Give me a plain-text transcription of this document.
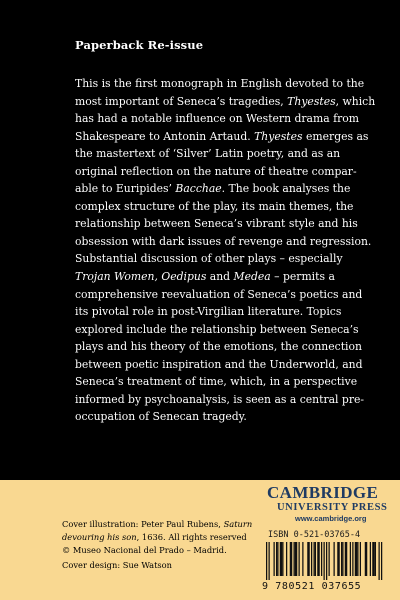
Paperback Re-issue
This is the first monograph in English devoted to the
most important of Seneca’s tragedies, Thyestes, which
has had a notable influence on Western drama from
Shakespeare to Antonin Artaud. Thyestes emerges as
the mastertext of ‘Silver’ Latin poetry, and as an
original reflection on the nature of theatre compar-
able to Euripides’ Bacchae. The book analyses the
complex structure of the play, its main themes, the
relationship between Seneca’s vibrant style and his
obsession with dark issues of revenge and regression.
Substantial discussion of other plays – especially
Trojan Women, Oedipus and Medea – permits a
comprehensive reevaluation of Seneca’s poetics and
its pivotal role in post-Virgilian literature. Topics
explored include the relationship between Seneca’s
plays and his theory of the emotions, the connection
between poetic inspiration and the Underworld, and
Seneca’s treatment of time, which, in a perspective
informed by psychoanalysis, is seen as a central pre-
occupation of Senecan tragedy.
Cover illustration: Peter Paul Rubens, Saturn
devouring his son, 1636. All rights reserved
© Museo Nacional del Prado – Madrid.
Cover design: Sue Watson
CAMBRIDGE
UNIVERSITY PRESS
www.cambridge.org
ISBN 0-521-03765-4
9 780521 037655
